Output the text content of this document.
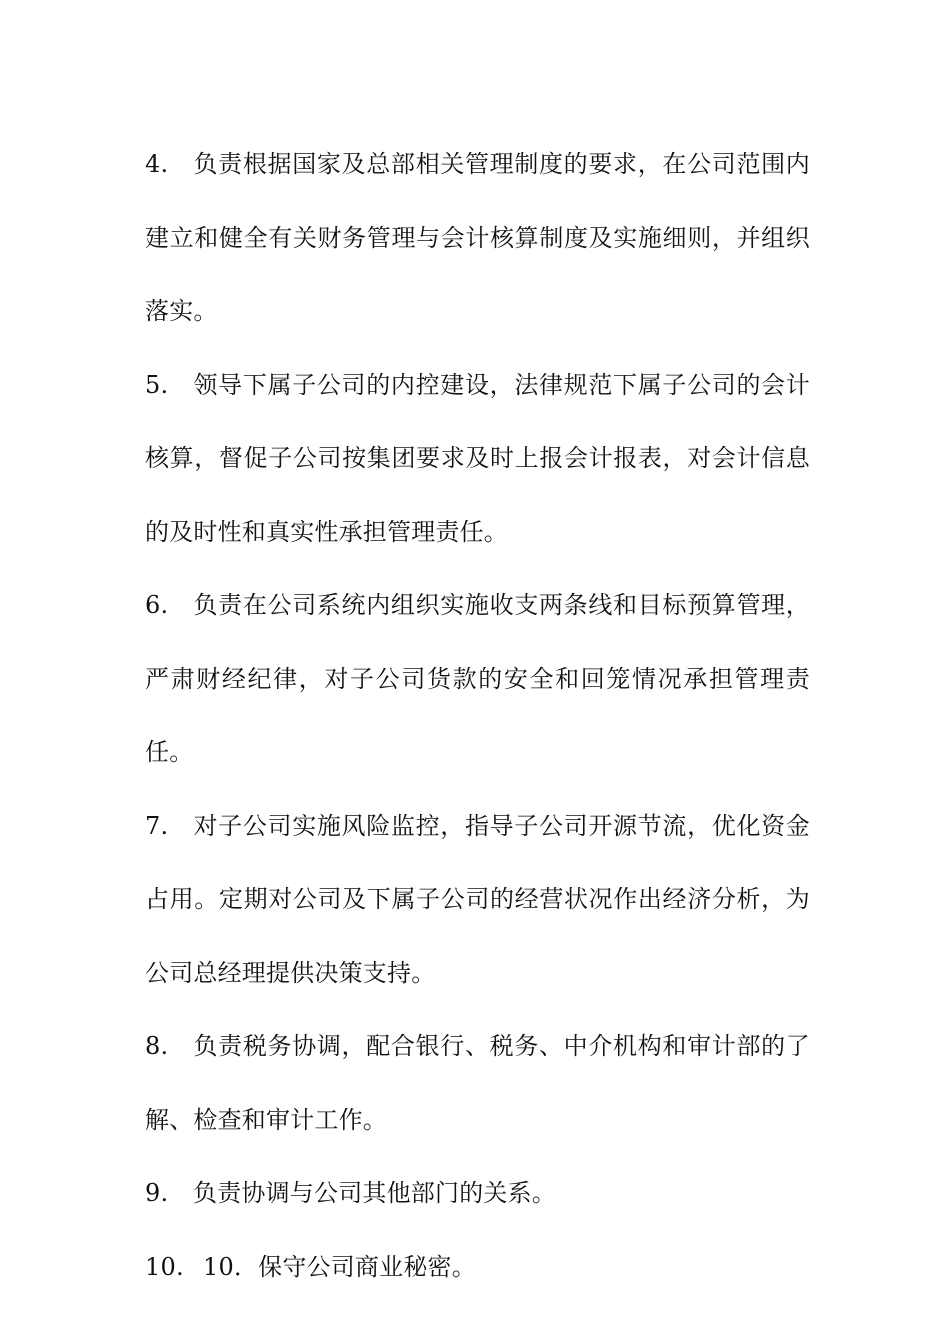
4. 负责根据国家及总部相关管理制度的要求，在公司范围内建立和健全有关财务管理与会计核算制度及实施细则，并组织落实。

5. 领导下属子公司的内控建设，法律规范下属子公司的会计核算，督促子公司按集团要求及时上报会计报表，对会计信息的及时性和真实性承担管理责任。

6. 负责在公司系统内组织实施收支两条线和目标预算管理，严肃财经纪律，对子公司货款的安全和回笼情况承担管理责任。

7. 对子公司实施风险监控，指导子公司开源节流，优化资金占用。定期对公司及下属子公司的经营状况作出经济分析，为公司总经理提供决策支持。

8. 负责税务协调，配合银行、税务、中介机构和审计部的了解、检查和审计工作。

9. 负责协调与公司其他部门的关系。

10. 10．保守公司商业秘密。
